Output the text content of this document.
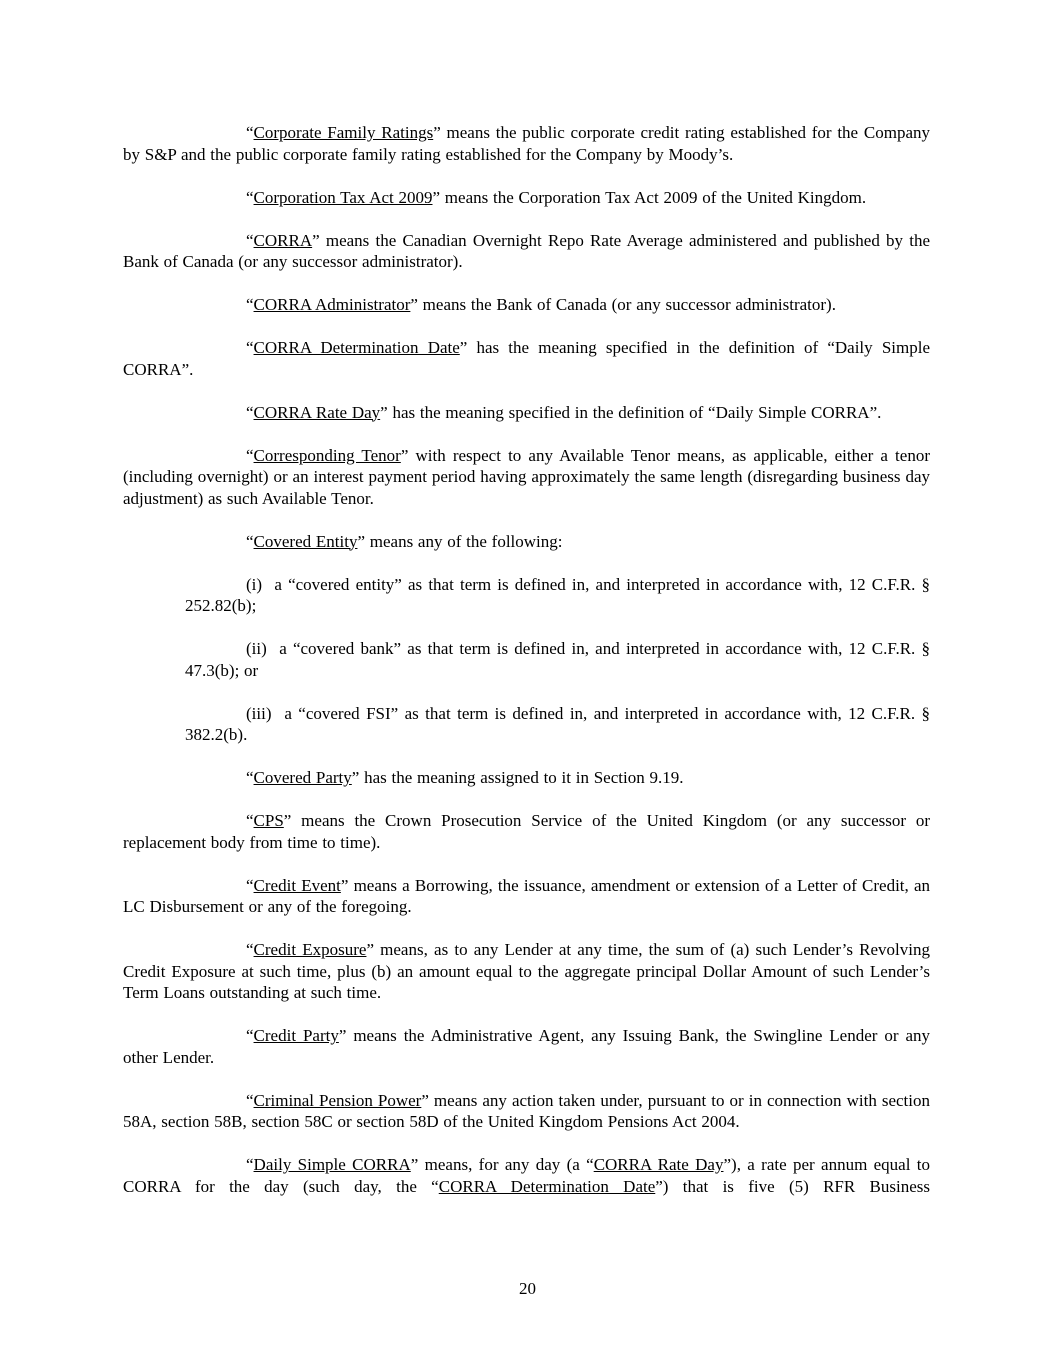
“Corporate Family Ratings” means the public corporate credit rating established for the Company by S&P and the public corporate family rating established for the Company by Moody’s.

“Corporation Tax Act 2009” means the Corporation Tax Act 2009 of the United Kingdom.

“CORRA” means the Canadian Overnight Repo Rate Average administered and published by the Bank of Canada (or any successor administrator).

“CORRA Administrator” means the Bank of Canada (or any successor administrator).

“CORRA Determination Date” has the meaning specified in the definition of “Daily Simple CORRA”.

“CORRA Rate Day” has the meaning specified in the definition of “Daily Simple CORRA”.

“Corresponding Tenor” with respect to any Available Tenor means, as applicable, either a tenor (including overnight) or an interest payment period having approximately the same length (disregarding business day adjustment) as such Available Tenor.

“Covered Entity” means any of the following:

(i)  a “covered entity” as that term is defined in, and interpreted in accordance with, 12 C.F.R. § 252.82(b);

(ii)  a “covered bank” as that term is defined in, and interpreted in accordance with, 12 C.F.R. § 47.3(b); or

(iii)  a “covered FSI” as that term is defined in, and interpreted in accordance with, 12 C.F.R. § 382.2(b).

“Covered Party” has the meaning assigned to it in Section 9.19.

“CPS” means the Crown Prosecution Service of the United Kingdom (or any successor or replacement body from time to time).

“Credit Event” means a Borrowing, the issuance, amendment or extension of a Letter of Credit, an LC Disbursement or any of the foregoing.

“Credit Exposure” means, as to any Lender at any time, the sum of (a) such Lender’s Revolving Credit Exposure at such time, plus (b) an amount equal to the aggregate principal Dollar Amount of such Lender’s Term Loans outstanding at such time.

“Credit Party” means the Administrative Agent, any Issuing Bank, the Swingline Lender or any other Lender.

“Criminal Pension Power” means any action taken under, pursuant to or in connection with section 58A, section 58B, section 58C or section 58D of the United Kingdom Pensions Act 2004.

“Daily Simple CORRA” means, for any day (a “CORRA Rate Day”), a rate per annum equal to CORRA for the day (such day, the “CORRA Determination Date”) that is five (5) RFR Business

20
